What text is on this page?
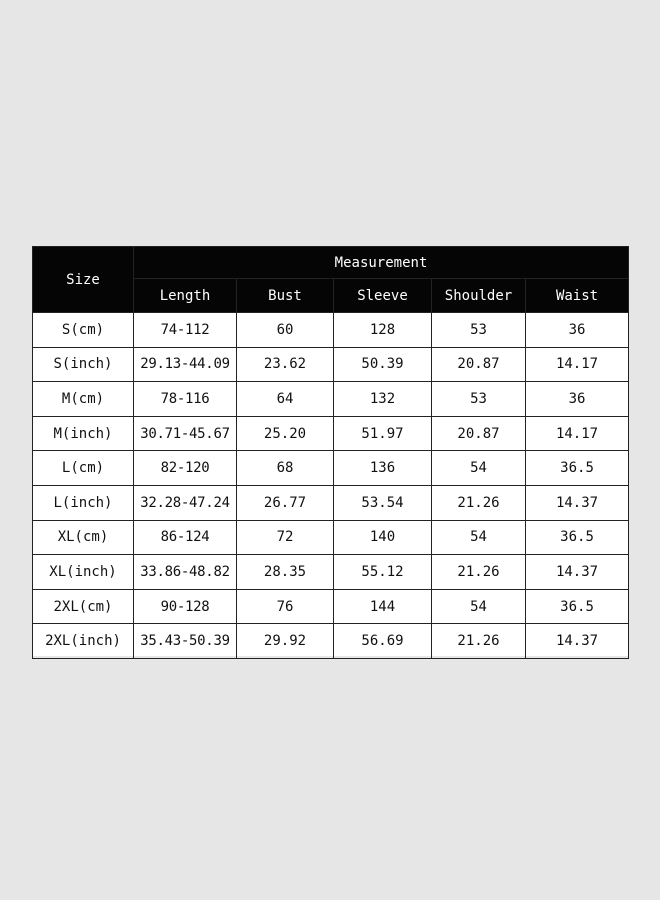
Size	Measurement				
	Length	Bust	Sleeve	Shoulder	Waist
S(cm)	74-112	60	128	53	36
S(inch)	29.13-44.09	23.62	50.39	20.87	14.17
M(cm)	78-116	64	132	53	36
M(inch)	30.71-45.67	25.20	51.97	20.87	14.17
L(cm)	82-120	68	136	54	36.5
L(inch)	32.28-47.24	26.77	53.54	21.26	14.37
XL(cm)	86-124	72	140	54	36.5
XL(inch)	33.86-48.82	28.35	55.12	21.26	14.37
2XL(cm)	90-128	76	144	54	36.5
2XL(inch)	35.43-50.39	29.92	56.69	21.26	14.37
